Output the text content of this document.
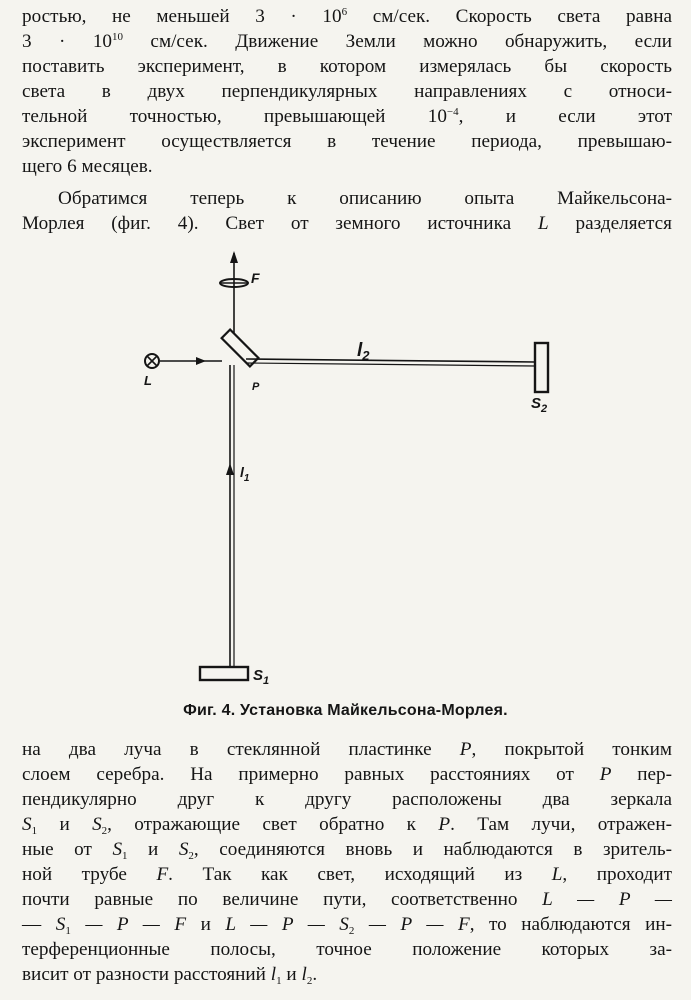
ростью, не меньшей $3 \cdot 10^6$ см/сек. Скорость света равна
$3 \cdot 10^{10}$ см/сек. Движение Земли можно обнаружить, если
поставить эксперимент, в котором измерялась бы скорость
света в двух перпендикулярных направлениях с относи-
тельной точностью, превышающей $10^{-4}$, и если этот
эксперимент осуществляется в течение периода, превышаю-
щего 6 месяцев.
Обратимся теперь к описанию опыта Майкельсона-
Морлея (фиг. 4). Свет от земного источника L разделяется
F
L	P
$l_2$
$S_2$
$l_1$
$S_1$
Фиг. 4. Установка Майкельсона-Морлея.
на два луча в стеклянной пластинке P, покрытой тонким
слоем серебра. На примерно равных расстояниях от P пер-
пендикулярно друг к другу расположены два зеркала
$S_1$ и $S_2$, отражающие свет обратно к P. Там лучи, отражен-
ные от $S_1$ и $S_2$, соединяются вновь и наблюдаются в зритель-
ной трубе F. Так как свет, исходящий из L, проходит
почти равные по величине пути, соответственно L — P —
— $S_1$ — P — F и L — P — $S_2$ — P — F, то наблюдаются ин-
терференционные полосы, точное положение которых за-
висит от разности расстояний $l_1$ и $l_2$.
